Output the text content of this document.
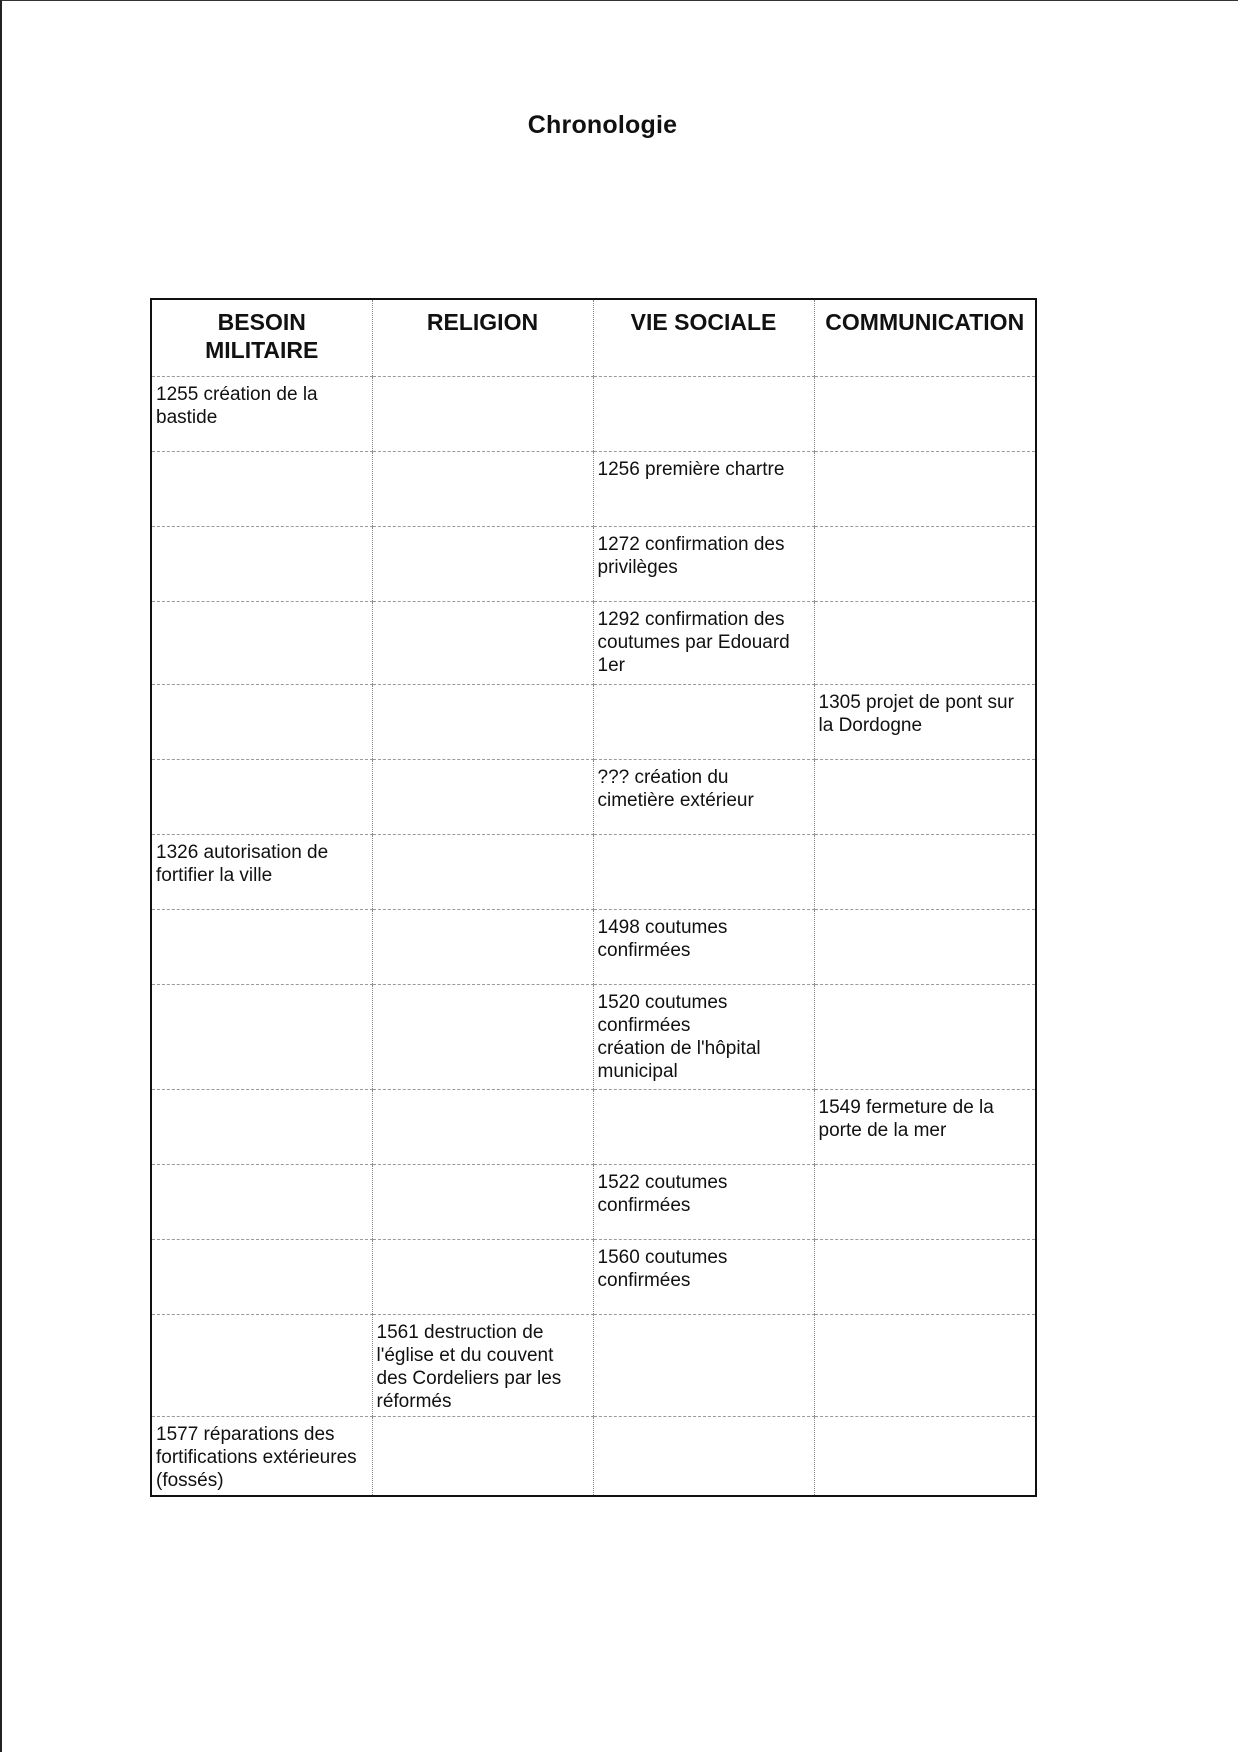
Chronologie
BESOIN
MILITAIRE	RELIGION	VIE SOCIALE	COMMUNICATION
1255 création de la
bastide			
		1256 première chartre	
		1272 confirmation des
privilèges	
		1292 confirmation des
coutumes par Edouard
1er	
			1305 projet de pont sur
la Dordogne
		??? création du
cimetière extérieur	
1326 autorisation de
fortifier la ville			
		1498 coutumes
confirmées	
		1520 coutumes
confirmées
création de l'hôpital
municipal	
			1549 fermeture de la
porte de la mer
		1522 coutumes
confirmées	
		1560 coutumes
confirmées	
	1561 destruction de
l'église et du couvent
des Cordeliers par les
réformés		
1577 réparations des
fortifications extérieures
(fossés)			
